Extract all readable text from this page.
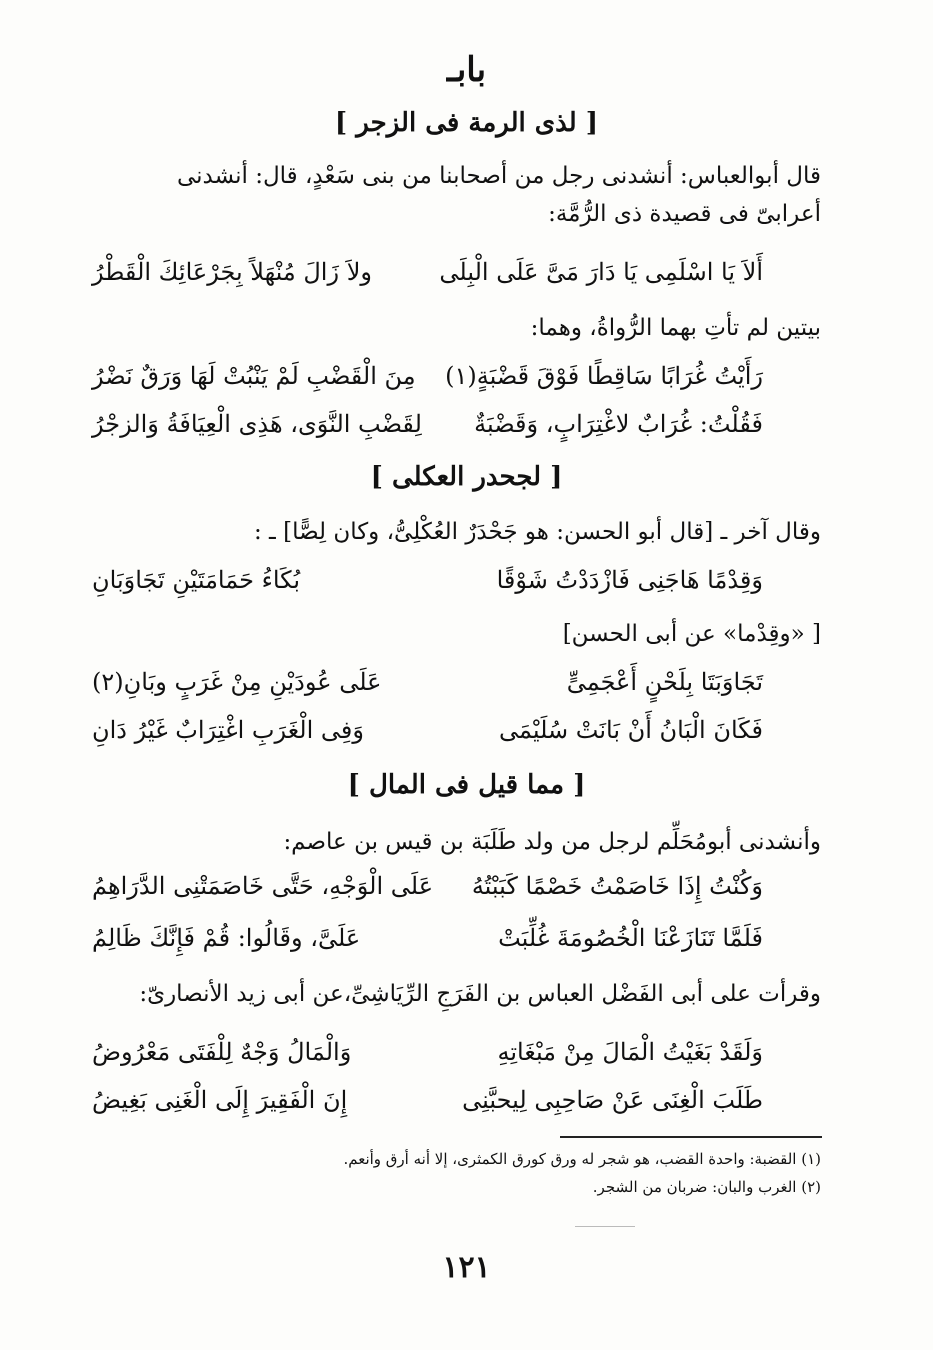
بابـ
[ لذى الرمة فى الزجر ]
قال أبوالعباس: أنشدنى رجل من أصحابنا من بنى سَعْدٍ، قال: أنشدنى
أعرابىّ فى قصيدة ذى الرُّمَّة:
أَلاَ يَا اسْلَمِى يَا دَارَ مَىَّ عَلَى الْبِلَى
ولاَ زَالَ مُنْهَلاً بِجَرْعَائِكَ الْقَطْرُ
بيتين لم تأتِ بهما الرُّواةُ، وهما:
رَأَيْتُ غُرَابًا سَاقِطًا فَوْقَ قَضْبَةٍ(١)
مِنَ الْقَضْبِ لَمْ يَنْبُتْ لَهَا وَرَقٌ نَضْرُ
فَقُلْتُ: غُرَابٌ لاغْتِرَابٍ، وَقَضْبَةٌ
لِقَضْبِ النَّوَى، هَذِى الْعِيَافَةُ وَالزجْرُ
[ لجحدر العكلى ]
وقال آخر ـ [قال أبو الحسن: هو جَحْدَرٌ العُكْلِىُّ، وكان لِصًّا] ـ :
وَقِدْمًا هَاجَنِى فَازْدَدْتُ شَوْقًا
بُكَاءُ حَمَامَتَيْنِ تَجَاوَبَانِ
[ «وقِدْما» عن أبى الحسن]
تَجَاوَبَتَا بِلَحْنٍ أَعْجَمِىٍّ
عَلَى عُودَيْنِ مِنْ غَرَبٍ وبَانِ(٢)
فَكَانَ الْبَانُ أَنْ بَانَتْ سُلَيْمَى
وَفِى الْغَرَبِ اغْتِرَابٌ غَيْرُ دَانِ
[ مما قيل فى المال ]
وأنشدنى أبومُحَلِّم لرجل من ولد طَلَبَة بن قيس بن عاصم:
وَكُنْتُ إِذَا خَاصَمْتُ خَصْمًا كَبَبْتُهُ
عَلَى الْوَجْهِ، حَتَّى خَاصَمَتْنِى الدَّرَاهِمُ
فَلَمَّا تَنَازَعْنَا الْخُصُومَةَ غُلِّبَتْ
عَلَىَّ، وقَالُوا: قُمْ فَإِنَّكَ ظَالِمُ
وقرأت على أبى الفَضْل العباس بن الفَرَجِ الرِّيَاشِىِّ،عن أبى زيد الأنصارىّ:
وَلَقَدْ بَغَيْتُ الْمَالَ مِنْ مَبْغَاتِهِ
وَالْمَالُ وَجْهٌ لِلْفَتَى مَعْرُوضُ
طَلَبَ الْغِنَى عَنْ صَاحِبِى لِيحبَّنِى
إِنَ الْفَقِيرَ إِلَى الْغَنِى بَغِيضُ
(١) القضبة: واحدة القضب، هو شجر له ورق كورق الكمثرى، إلا أنه أرق وأنعم.
(٢) الغرب والبان: ضربان من الشجر.
١٢١
